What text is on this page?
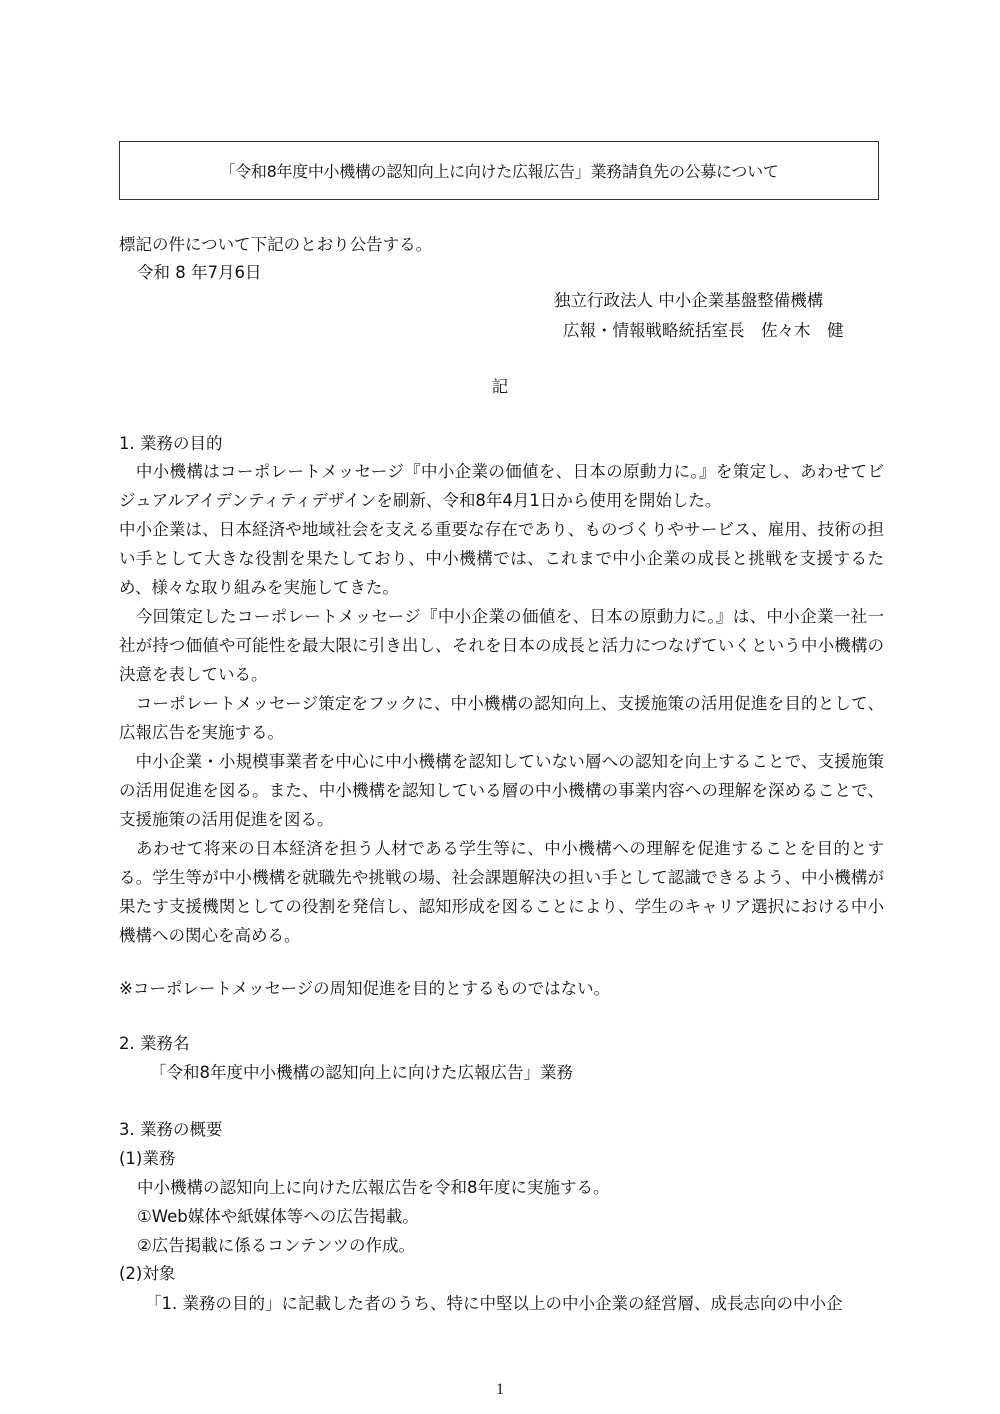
「令和8年度中小機構の認知向上に向けた広報広告」業務請負先の公募について
標記の件について下記のとおり公告する。
令和 8 年7月6日
独立行政法人 中小企業基盤整備機構
広報・情報戦略統括室長　佐々木　健
記
1. 業務の目的
　中小機構はコーポレートメッセージ『中小企業の価値を、日本の原動力に。』を策定し、あわせてビジュアルアイデンティティデザインを刷新、令和8年4月1日から使用を開始した。
中小企業は、日本経済や地域社会を支える重要な存在であり、ものづくりやサービス、雇用、技術の担い手として大きな役割を果たしており、中小機構では、これまで中小企業の成長と挑戦を支援するため、様々な取り組みを実施してきた。
　今回策定したコーポレートメッセージ『中小企業の価値を、日本の原動力に。』は、中小企業一社一社が持つ価値や可能性を最大限に引き出し、それを日本の成長と活力につなげていくという中小機構の決意を表している。
　コーポレートメッセージ策定をフックに、中小機構の認知向上、支援施策の活用促進を目的として、広報広告を実施する。
　中小企業・小規模事業者を中心に中小機構を認知していない層への認知を向上することで、支援施策の活用促進を図る。また、中小機構を認知している層の中小機構の事業内容への理解を深めることで、支援施策の活用促進を図る。
　あわせて将来の日本経済を担う人材である学生等に、中小機構への理解を促進することを目的とする。学生等が中小機構を就職先や挑戦の場、社会課題解決の担い手として認識できるよう、中小機構が果たす支援機関としての役割を発信し、認知形成を図ることにより、学生のキャリア選択における中小機構への関心を高める。
※コーポレートメッセージの周知促進を目的とするものではない。
2. 業務名
「令和8年度中小機構の認知向上に向けた広報広告」業務
3. 業務の概要
(1)業務
中小機構の認知向上に向けた広報広告を令和8年度に実施する。
①Web媒体や紙媒体等への広告掲載。
②広告掲載に係るコンテンツの作成。
(2)対象
「1. 業務の目的」に記載した者のうち、特に中堅以上の中小企業の経営層、成長志向の中小企
1
